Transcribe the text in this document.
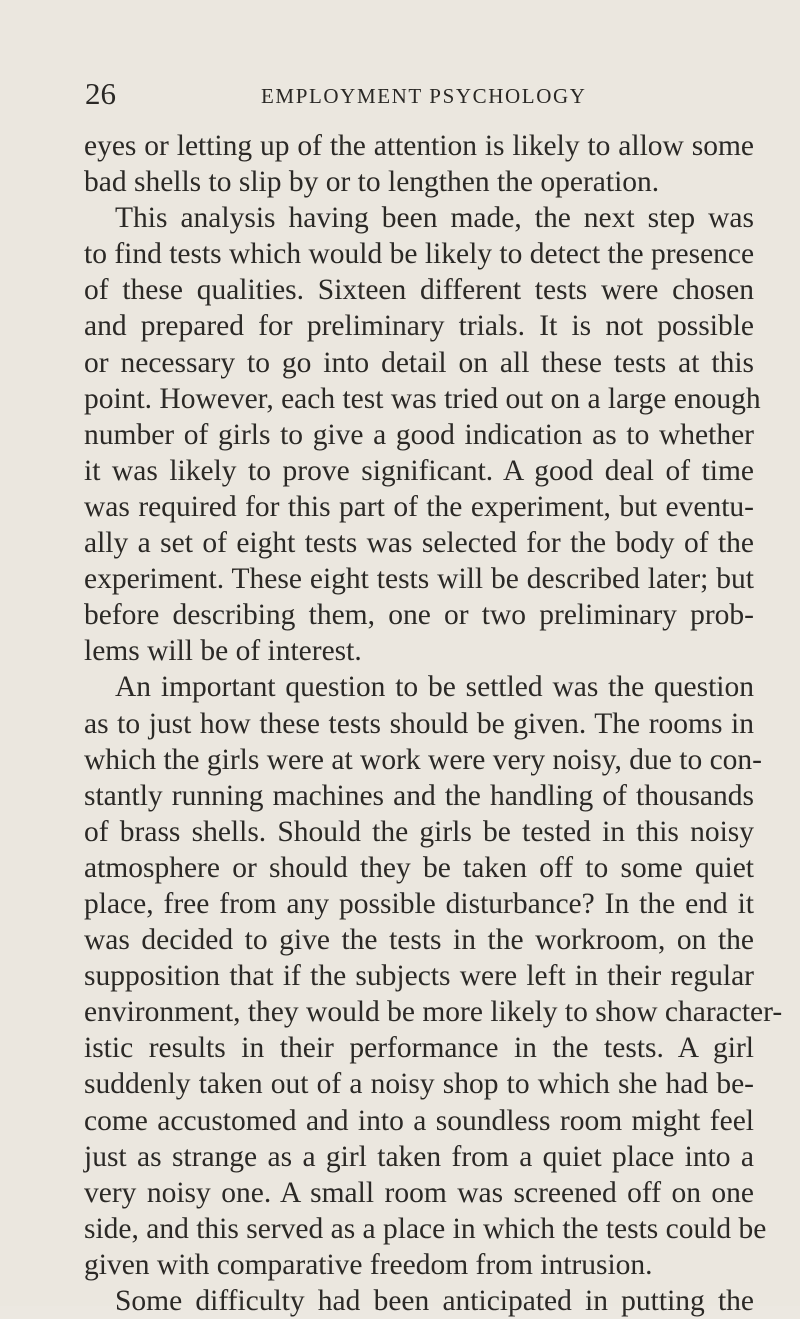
26	EMPLOYMENT PSYCHOLOGY
eyes or letting up of the attention is likely to allow some
bad shells to slip by or to lengthen the operation.
This analysis having been made, the next step was
to find tests which would be likely to detect the presence
of these qualities. Sixteen different tests were chosen
and prepared for preliminary trials. It is not possible
or necessary to go into detail on all these tests at this
point. However, each test was tried out on a large enough
number of girls to give a good indication as to whether
it was likely to prove significant. A good deal of time
was required for this part of the experiment, but eventu-
ally a set of eight tests was selected for the body of the
experiment. These eight tests will be described later; but
before describing them, one or two preliminary prob-
lems will be of interest.
An important question to be settled was the question
as to just how these tests should be given. The rooms in
which the girls were at work were very noisy, due to con-
stantly running machines and the handling of thousands
of brass shells. Should the girls be tested in this noisy
atmosphere or should they be taken off to some quiet
place, free from any possible disturbance? In the end it
was decided to give the tests in the workroom, on the
supposition that if the subjects were left in their regular
environment, they would be more likely to show character-
istic results in their performance in the tests. A girl
suddenly taken out of a noisy shop to which she had be-
come accustomed and into a soundless room might feel
just as strange as a girl taken from a quiet place into a
very noisy one. A small room was screened off on one
side, and this served as a place in which the tests could be
given with comparative freedom from intrusion.
Some difficulty had been anticipated in putting the
